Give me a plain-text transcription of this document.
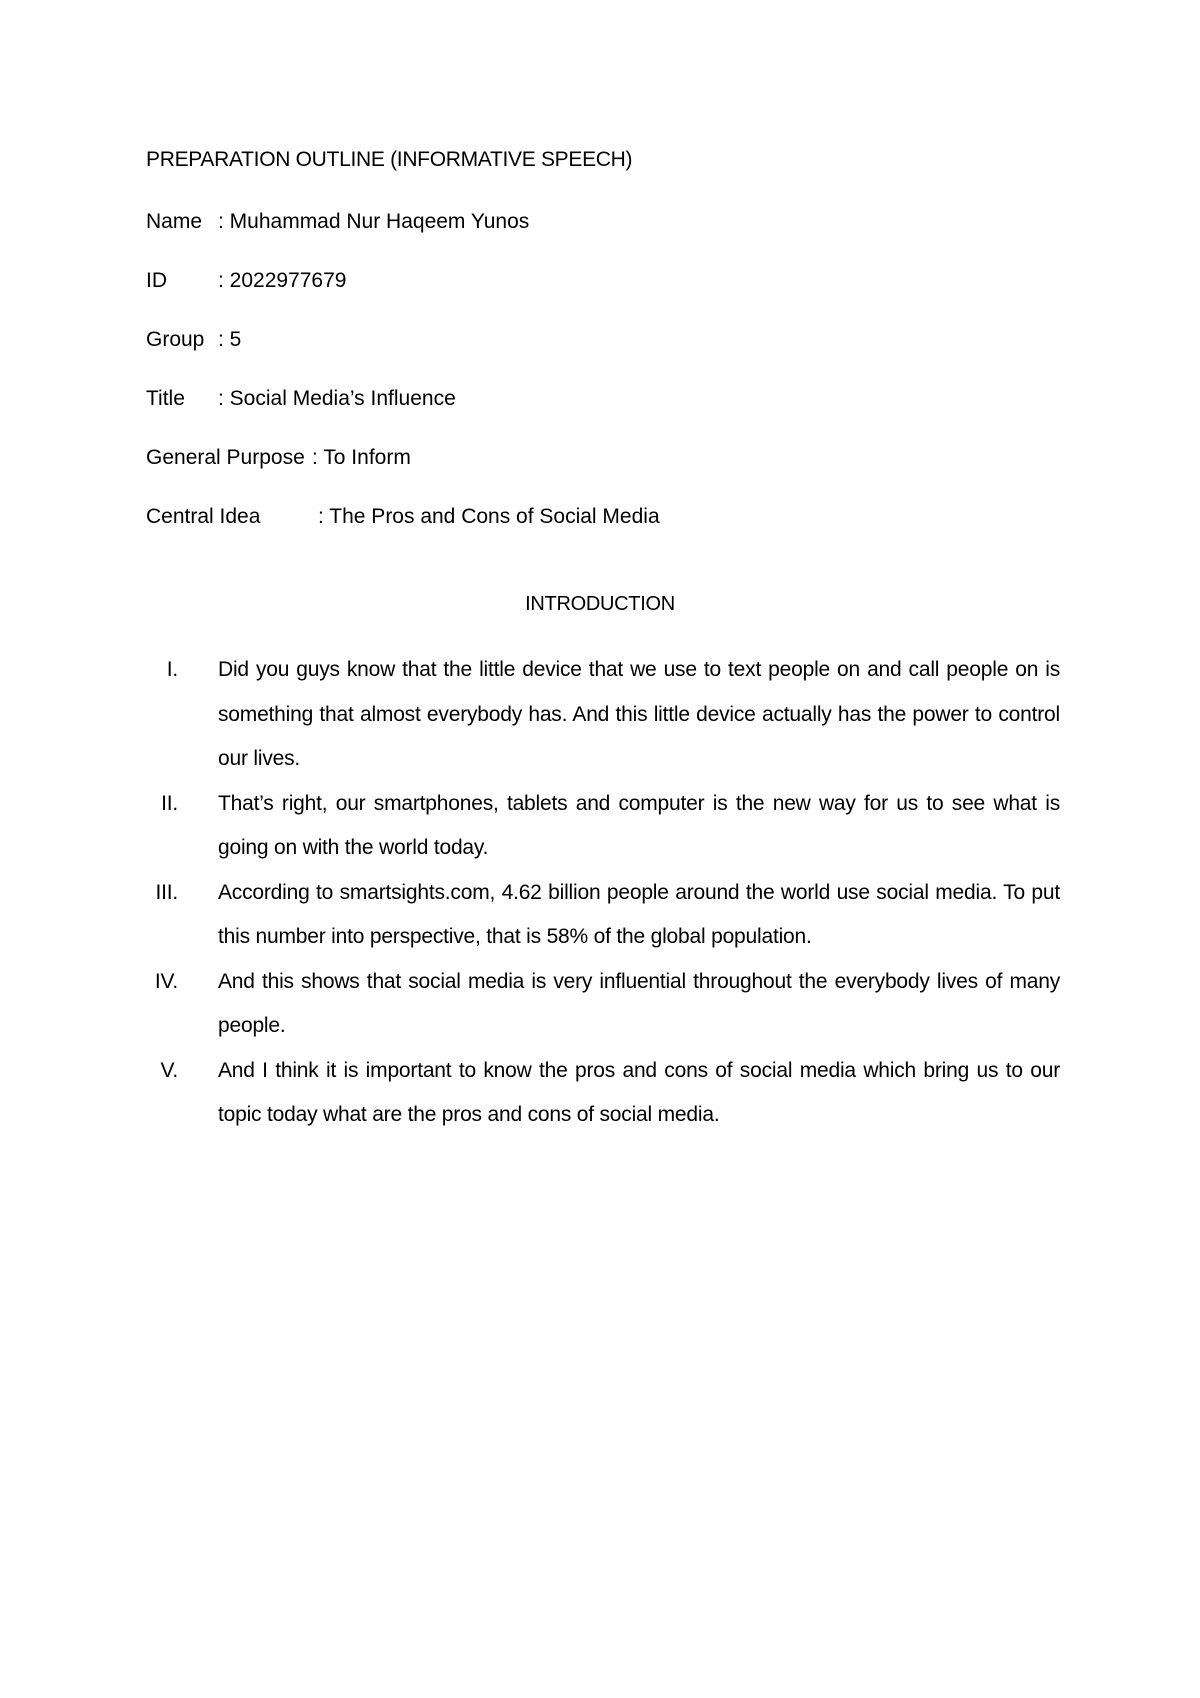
PREPARATION OUTLINE (INFORMATIVE SPEECH)
Name : Muhammad Nur Haqeem Yunos
ID : 2022977679
Group : 5
Title : Social Media’s Influence
General Purpose : To Inform
Central Idea	: The Pros and Cons of Social Media
INTRODUCTION
I. Did you guys know that the little device that we use to text people on and call people on is something that almost everybody has. And this little device actually has the power to control our lives.
II. That’s right, our smartphones, tablets and computer is the new way for us to see what is going on with the world today.
III. According to smartsights.com, 4.62 billion people around the world use social media. To put this number into perspective, that is 58% of the global population.
IV. And this shows that social media is very influential throughout the everybody lives of many people.
V. And I think it is important to know the pros and cons of social media which bring us to our topic today what are the pros and cons of social media.
